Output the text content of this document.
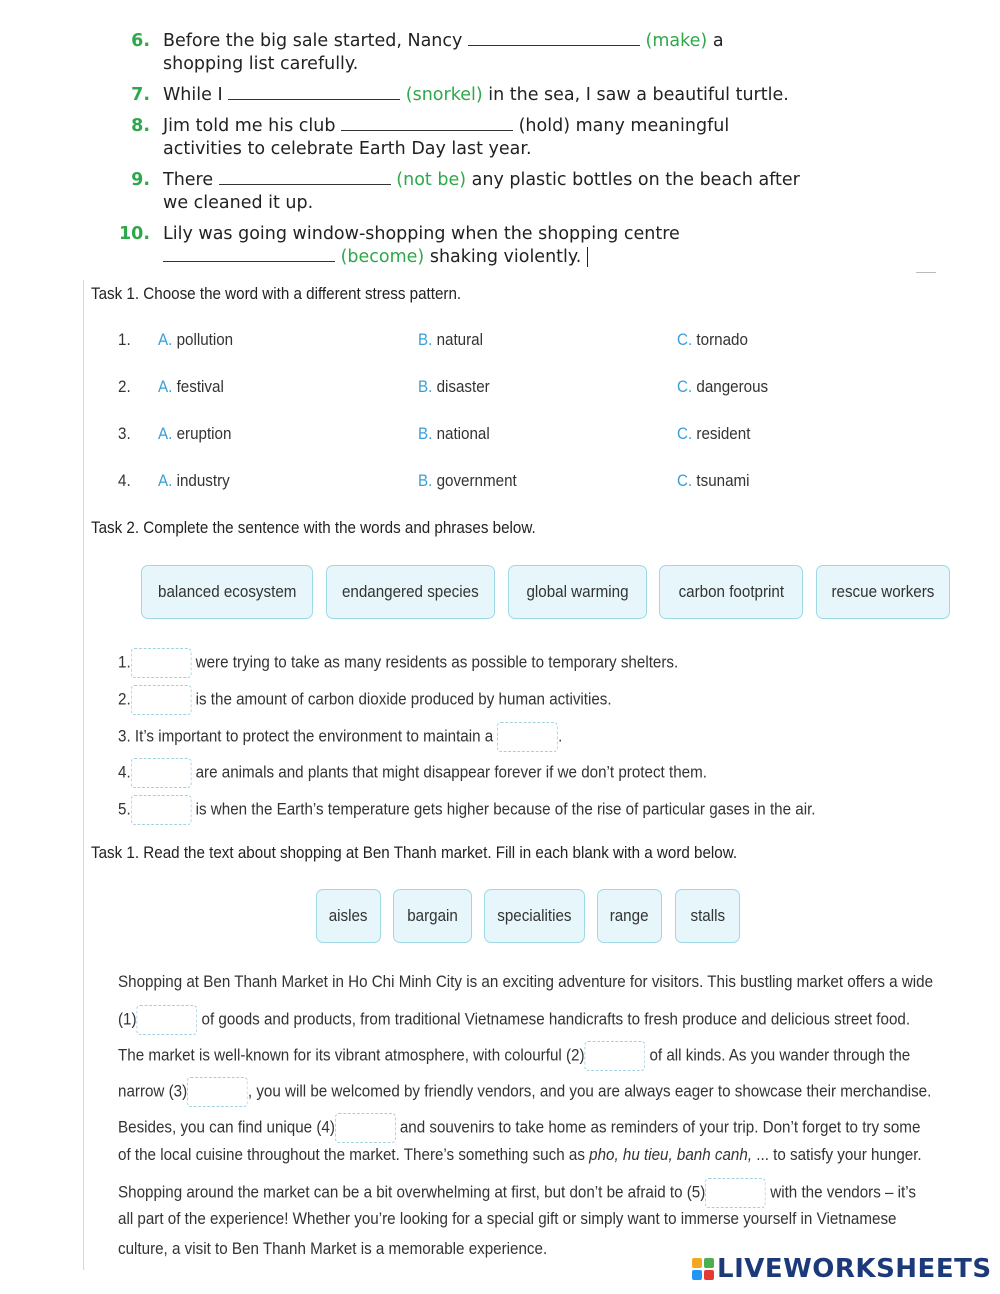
6. Before the big sale started, Nancy	(make) a
shopping list carefully.
7. While I	(snorkel) in the sea, I saw a beautiful turtle.
8. Jim told me his club	(hold) many meaningful
activities to celebrate Earth Day last year.
9. There	(not be) any plastic bottles on the beach after
we cleaned it up.
10. Lily was going window-shopping when the shopping centre
(become) shaking violently.
Task 1. Choose the word with a different stress pattern.
1. A. pollution	B. natural	C. tornado
2. A. festival	B. disaster	C. dangerous
3. A. eruption	B. national	C. resident
4. A. industry	B. government	C. tsunami
Task 2. Complete the sentence with the words and phrases below.
balanced ecosystem	endangered species	global warming	carbon footprint	rescue workers
1.	were trying to take as many residents as possible to temporary shelters.
2.	is the amount of carbon dioxide produced by human activities.
3. It’s important to protect the environment to maintain a	.
4.	are animals and plants that might disappear forever if we don’t protect them.
5.	is when the Earth’s temperature gets higher because of the rise of particular gases in the air.
Task 1. Read the text about shopping at Ben Thanh market. Fill in each blank with a word below.
aisles bargain specialities range	stalls
Shopping at Ben Thanh Market in Ho Chi Minh City is an exciting adventure for visitors. This bustling market offers a wide
(1)	of goods and products, from traditional Vietnamese handicrafts to fresh produce and delicious street food.
The market is well-known for its vibrant atmosphere, with colourful (2)	of all kinds. As you wander through the
narrow (3)	, you will be welcomed by friendly vendors, and you are always eager to showcase their merchandise.
Besides, you can find unique (4)	and souvenirs to take home as reminders of your trip. Don’t forget to try some
of the local cuisine throughout the market. There’s something such as pho, hu tieu, banh canh, ... to satisfy your hunger.
Shopping around the market can be a bit overwhelming at first, but don’t be afraid to (5)	with the vendors – it’s
all part of the experience! Whether you’re looking for a special gift or simply want to immerse yourself in Vietnamese
culture, a visit to Ben Thanh Market is a memorable experience.
LIVEWORKSHEETS
